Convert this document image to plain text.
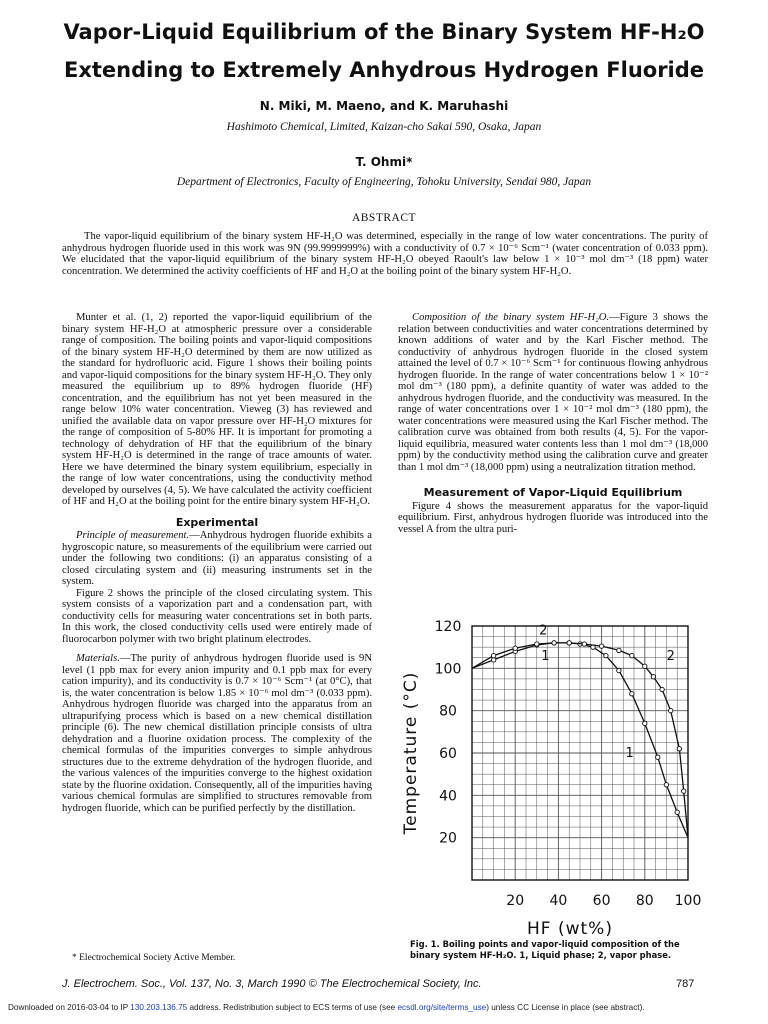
Vapor-Liquid Equilibrium of the Binary System HF-H₂O
Extending to Extremely Anhydrous Hydrogen Fluoride
N. Miki, M. Maeno, and K. Maruhashi
Hashimoto Chemical, Limited, Kaizan-cho Sakai 590, Osaka, Japan
T. Ohmi*
Department of Electronics, Faculty of Engineering, Tohoku University, Sendai 980, Japan
ABSTRACT
The vapor-liquid equilibrium of the binary system HF-H₂O was determined, especially in the range of low water concentrations. The purity of anhydrous hydrogen fluoride used in this work was 9N (99.9999999%) with a conductivity of 0.7 × 10⁻⁶ Scm⁻¹ (water concentration of 0.033 ppm). We elucidated that the vapor-liquid equilibrium of the binary system HF-H₂O obeyed Raoult's law below 1 × 10⁻³ mol dm⁻³ (18 ppm) water concentration. We determined the activity coefficients of HF and H₂O at the boiling point of the binary system HF-H₂O.

Munter et al. (1, 2) reported the vapor-liquid equilibrium of the binary system HF-H₂O at atmospheric pressure over a considerable range of composition. The boiling points and vapor-liquid compositions of the binary system HF-H₂O determined by them are now utilized as the standard for hydrofluoric acid. Figure 1 shows their boiling points and vapor-liquid compositions for the binary system HF-H₂O. They only measured the equilibrium up to 89% hydrogen fluoride (HF) concentration, and the equilibrium has not yet been measured in the range below 10% water concentration. Vieweg (3) has reviewed and unified the available data on vapor pressure over HF-H₂O mixtures for the range of composition of 5-80% HF. It is important for promoting a technology of dehydration of HF that the equilibrium of the binary system HF-H₂O is determined in the range of trace amounts of water. Here we have determined the binary system equilibrium, especially in the range of low water concentrations, using the conductivity method developed by ourselves (4, 5). We have calculated the activity coefficient of HF and H₂O at the boiling point for the entire binary system HF-H₂O.

Experimental

Principle of measurement.—Anhydrous hydrogen fluoride exhibits a hygroscopic nature, so measurements of the equilibrium were carried out under the following two conditions: (i) an apparatus consisting of a closed circulating system and (ii) measuring instruments set in the system.

Figure 2 shows the principle of the closed circulating system. This system consists of a vaporization part and a condensation part, with conductivity cells for measuring water concentrations set in both parts. In this work, the closed conductivity cells used were entirely made of fluorocarbon polymer with two bright platinum electrodes.

Materials.—The purity of anhydrous hydrogen fluoride used is 9N level (1 ppb max for every anion impurity and 0.1 ppb max for every cation impurity), and its conductivity is 0.7 × 10⁻⁶ Scm⁻¹ (at 0°C), that is, the water concentration is below 1.85 × 10⁻⁶ mol dm⁻³ (0.033 ppm). Anhydrous hydrogen fluoride was charged into the apparatus from an ultrapurifying process which is based on a new chemical distillation principle (6). The new chemical distillation principle consists of ultra dehydration and a fluorine oxidation process. The complexity of the chemical formulas of the impurities converges to simple anhydrous structures due to the extreme dehydration of the hydrogen fluoride, and the various valences of the impurities converge to the highest oxidation state by the fluorine oxidation. Consequently, all of the impurities having various chemical formulas are simplified to structures removable from hydrogen fluoride, which can be purified perfectly by the distillation.

* Electrochemical Society Active Member.

Composition of the binary system HF-H₂O.—Figure 3 shows the relation between conductivities and water concentrations determined by known additions of water and by the Karl Fischer method. The conductivity of anhydrous hydrogen fluoride in the closed system attained the level of 0.7 × 10⁻⁶ Scm⁻¹ for continuous flowing anhydrous hydrogen fluoride. In the range of water concentrations below 1 × 10⁻² mol dm⁻³ (180 ppm), a definite quantity of water was added to the anhydrous hydrogen fluoride, and the conductivity was measured. In the range of water concentrations over 1 × 10⁻² mol dm⁻³ (180 ppm), the water concentrations were measured using the Karl Fischer method. The calibration curve was obtained from both results (4, 5). For the vapor-liquid equilibria, measured water contents less than 1 mol dm⁻³ (18,000 ppm) by the conductivity method using the calibration curve and greater than 1 mol dm⁻³ (18,000 ppm) using a neutralization titration method.

Measurement of Vapor-Liquid Equilibrium

Figure 4 shows the measurement apparatus for the vapor-liquid equilibrium. First, anhydrous hydrogen fluoride was introduced into the vessel A from the ultra puri-

20 40 60 80 100
120
100
80
60
40
20
HF (wt%)
Temperature (°C)
2
1	2
1
Fig. 1. Boiling points and vapor-liquid composition of the binary system HF-H₂O. 1, Liquid phase; 2, vapor phase.
J. Electrochem. Soc., Vol. 137, No. 3, March 1990 © The Electrochemical Society, Inc.	787
Downloaded on 2016-03-04 to IP 130.203.136.75 address. Redistribution subject to ECS terms of use (see ecsdl.org/site/terms_use) unless CC License in place (see abstract).
